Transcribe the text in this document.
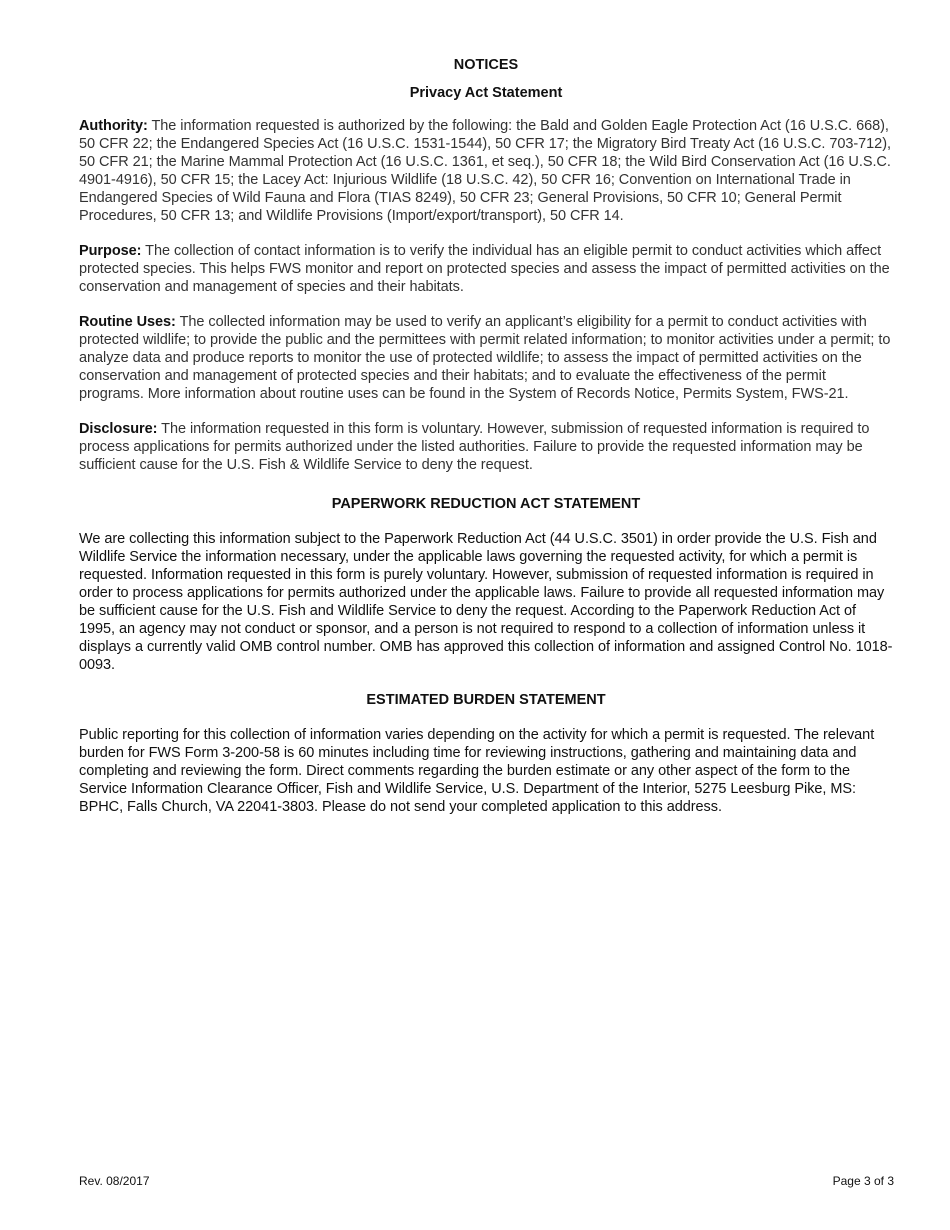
NOTICES
Privacy Act Statement

Authority: The information requested is authorized by the following: the Bald and Golden Eagle Protection Act (16 U.S.C. 668), 50 CFR 22; the Endangered Species Act (16 U.S.C. 1531-1544), 50 CFR 17; the Migratory Bird Treaty Act (16 U.S.C. 703-712), 50 CFR 21; the Marine Mammal Protection Act (16 U.S.C. 1361, et seq.), 50 CFR 18; the Wild Bird Conservation Act (16 U.S.C. 4901-4916), 50 CFR 15; the Lacey Act: Injurious Wildlife (18 U.S.C. 42), 50 CFR 16; Convention on International Trade in Endangered Species of Wild Fauna and Flora (TIAS 8249), 50 CFR 23; General Provisions, 50 CFR 10; General Permit Procedures, 50 CFR 13; and Wildlife Provisions (Import/export/transport), 50 CFR 14.

Purpose: The collection of contact information is to verify the individual has an eligible permit to conduct activities which affect protected species. This helps FWS monitor and report on protected species and assess the impact of permitted activities on the conservation and management of species and their habitats.

Routine Uses: The collected information may be used to verify an applicant’s eligibility for a permit to conduct activities with protected wildlife; to provide the public and the permittees with permit related information; to monitor activities under a permit; to analyze data and produce reports to monitor the use of protected wildlife; to assess the impact of permitted activities on the conservation and management of protected species and their habitats; and to evaluate the effectiveness of the permit programs. More information about routine uses can be found in the System of Records Notice, Permits System, FWS-21.

Disclosure: The information requested in this form is voluntary. However, submission of requested information is required to process applications for permits authorized under the listed authorities. Failure to provide the requested information may be sufficient cause for the U.S. Fish & Wildlife Service to deny the request.

PAPERWORK REDUCTION ACT STATEMENT

We are collecting this information subject to the Paperwork Reduction Act (44 U.S.C. 3501) in order provide the U.S. Fish and Wildlife Service the information necessary, under the applicable laws governing the requested activity, for which a permit is requested. Information requested in this form is purely voluntary. However, submission of requested information is required in order to process applications for permits authorized under the applicable laws. Failure to provide all requested information may be sufficient cause for the U.S. Fish and Wildlife Service to deny the request. According to the Paperwork Reduction Act of 1995, an agency may not conduct or sponsor, and a person is not required to respond to a collection of information unless it displays a currently valid OMB control number. OMB has approved this collection of information and assigned Control No. 1018-0093.

ESTIMATED BURDEN STATEMENT

Public reporting for this collection of information varies depending on the activity for which a permit is requested. The relevant burden for FWS Form 3-200-58 is 60 minutes including time for reviewing instructions, gathering and maintaining data and completing and reviewing the form. Direct comments regarding the burden estimate or any other aspect of the form to the Service Information Clearance Officer, Fish and Wildlife Service, U.S. Department of the Interior, 5275 Leesburg Pike, MS: BPHC, Falls Church, VA 22041-3803. Please do not send your completed application to this address.

Rev. 08/2017	Page 3 of 3
